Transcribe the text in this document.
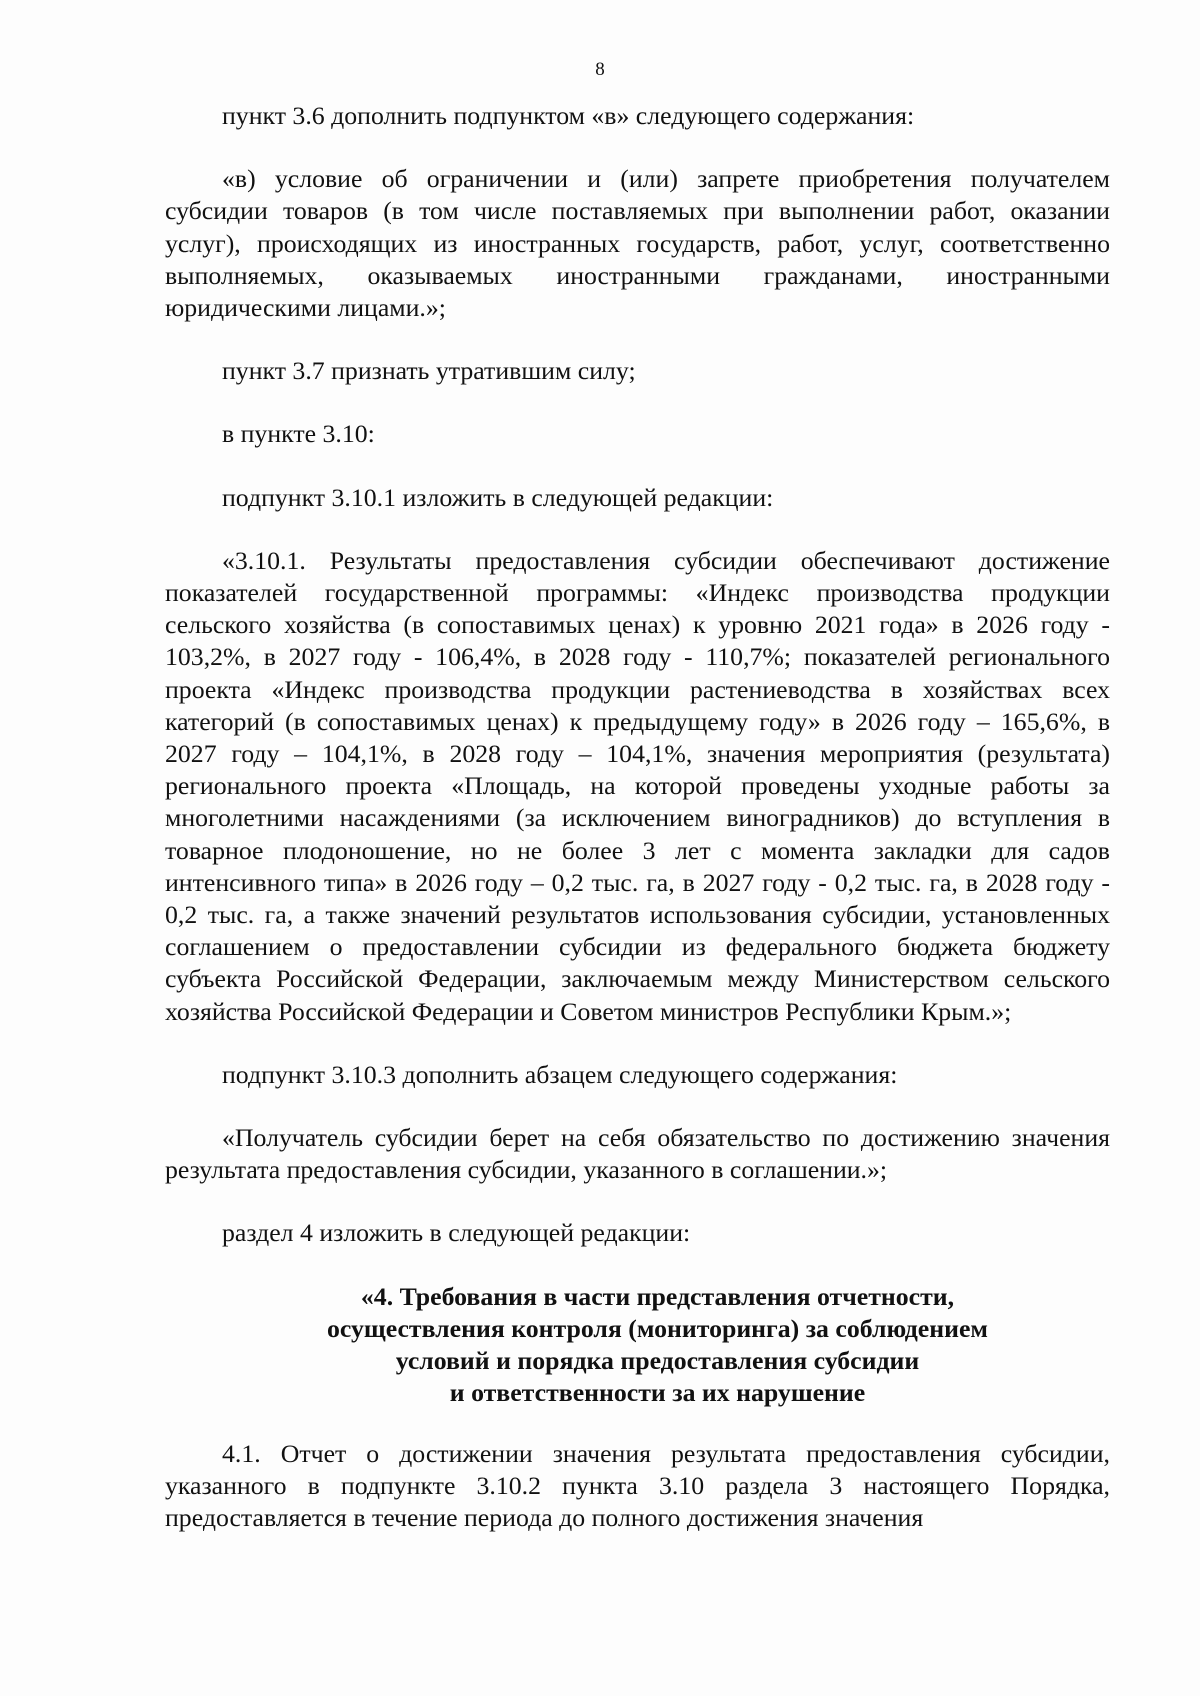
8

пункт 3.6 дополнить подпунктом «в» следующего содержания:

«в) условие об ограничении и (или) запрете приобретения получателем субсидии товаров (в том числе поставляемых при выполнении работ, оказании услуг), происходящих из иностранных государств, работ, услуг, соответственно выполняемых, оказываемых иностранными гражданами, иностранными юридическими лицами.»;

пункт 3.7 признать утратившим силу;

в пункте 3.10:

подпункт 3.10.1 изложить в следующей редакции:

«3.10.1. Результаты предоставления субсидии обеспечивают достижение показателей государственной программы: «Индекс производства продукции сельского хозяйства (в сопоставимых ценах) к уровню 2021 года» в 2026 году - 103,2%, в 2027 году - 106,4%, в 2028 году - 110,7%; показателей регионального проекта «Индекс производства продукции растениеводства в хозяйствах всех категорий (в сопоставимых ценах) к предыдущему году» в 2026 году – 165,6%, в 2027 году – 104,1%, в 2028 году – 104,1%, значения мероприятия (результата) регионального проекта «Площадь, на которой проведены уходные работы за многолетними насаждениями (за исключением виноградников) до вступления в товарное плодоношение, но не более 3 лет с момента закладки для садов интенсивного типа» в 2026 году – 0,2 тыс. га, в 2027 году - 0,2 тыс. га, в 2028 году - 0,2 тыс. га, а также значений результатов использования субсидии, установленных соглашением о предоставлении субсидии из федерального бюджета бюджету субъекта Российской Федерации, заключаемым между Министерством сельского хозяйства Российской Федерации и Советом министров Республики Крым.»;

подпункт 3.10.3 дополнить абзацем следующего содержания:

«Получатель субсидии берет на себя обязательство по достижению значения результата предоставления субсидии, указанного в соглашении.»;

раздел 4 изложить в следующей редакции:

«4. Требования в части представления отчетности,
осуществления контроля (мониторинга) за соблюдением
условий и порядка предоставления субсидии
и ответственности за их нарушение

4.1. Отчет о достижении значения результата предоставления субсидии, указанного в подпункте 3.10.2 пункта 3.10 раздела 3 настоящего Порядка, предоставляется в течение периода до полного достижения значения
